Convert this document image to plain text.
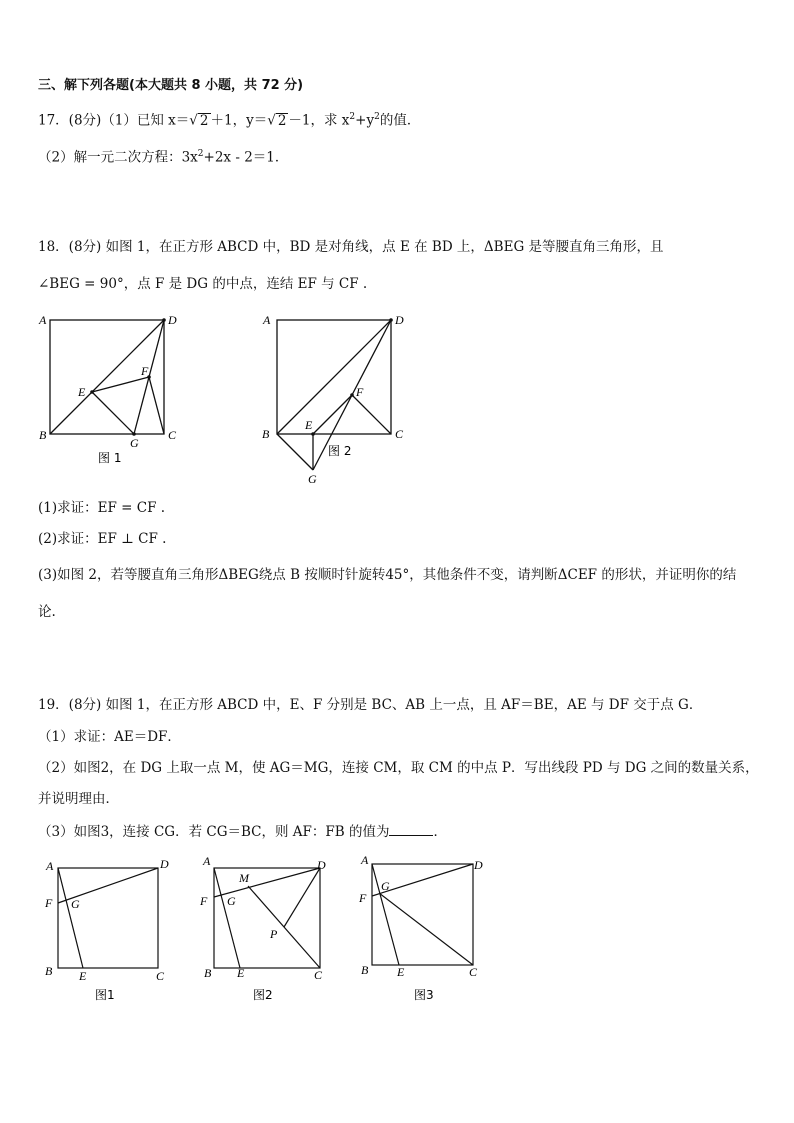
三、解下列各题(本大题共 8 小题，共 72 分)
17．(8分)（1）已知 x＝√ 2 ＋1，y＝√ 2 －1，求 $x^2+y^2$的值．
（2）解一元二次方程：$3x^2+2x - 2=1$．
18．(8分) 如图 1，在正方形 ABCD 中，BD 是对角线，点 E 在 BD 上，ΔBEG 是等腰直角三角形，且
∠BEG = 90°，点 F 是 DG 的中点，连结 EF 与 CF .
A
B	C
D
E
F
G
图 1
A
B	C
D
E
F
G
图 2
(1)求证：EF = CF .
(2)求证：EF ⊥ CF .
(3)如图 2，若等腰直角三角形ΔBEG绕点 B 按顺时针旋转45°，其他条件不变，请判断ΔCEF 的形状，并证明你的结
论.
19．(8分) 如图 1，在正方形 ABCD 中，E、F 分别是 BC、AB 上一点，且 AF＝BE，AE 与 DF 交于点 G．
（1）求证：AE＝DF．
（2）如图2，在 DG 上取一点 M，使 AG＝MG，连接 CM，取 CM 的中点 P．写出线段 PD 与 DG 之间的数量关系，
并说明理由．
（3）如图3，连接 CG．若 CG＝BC，则 AF：FB 的值为	．
A
B	C
D
E
F G
图1
A
B	C
D
E
F G
M
P
图2
A
B	C
D
E
F
G
图3
